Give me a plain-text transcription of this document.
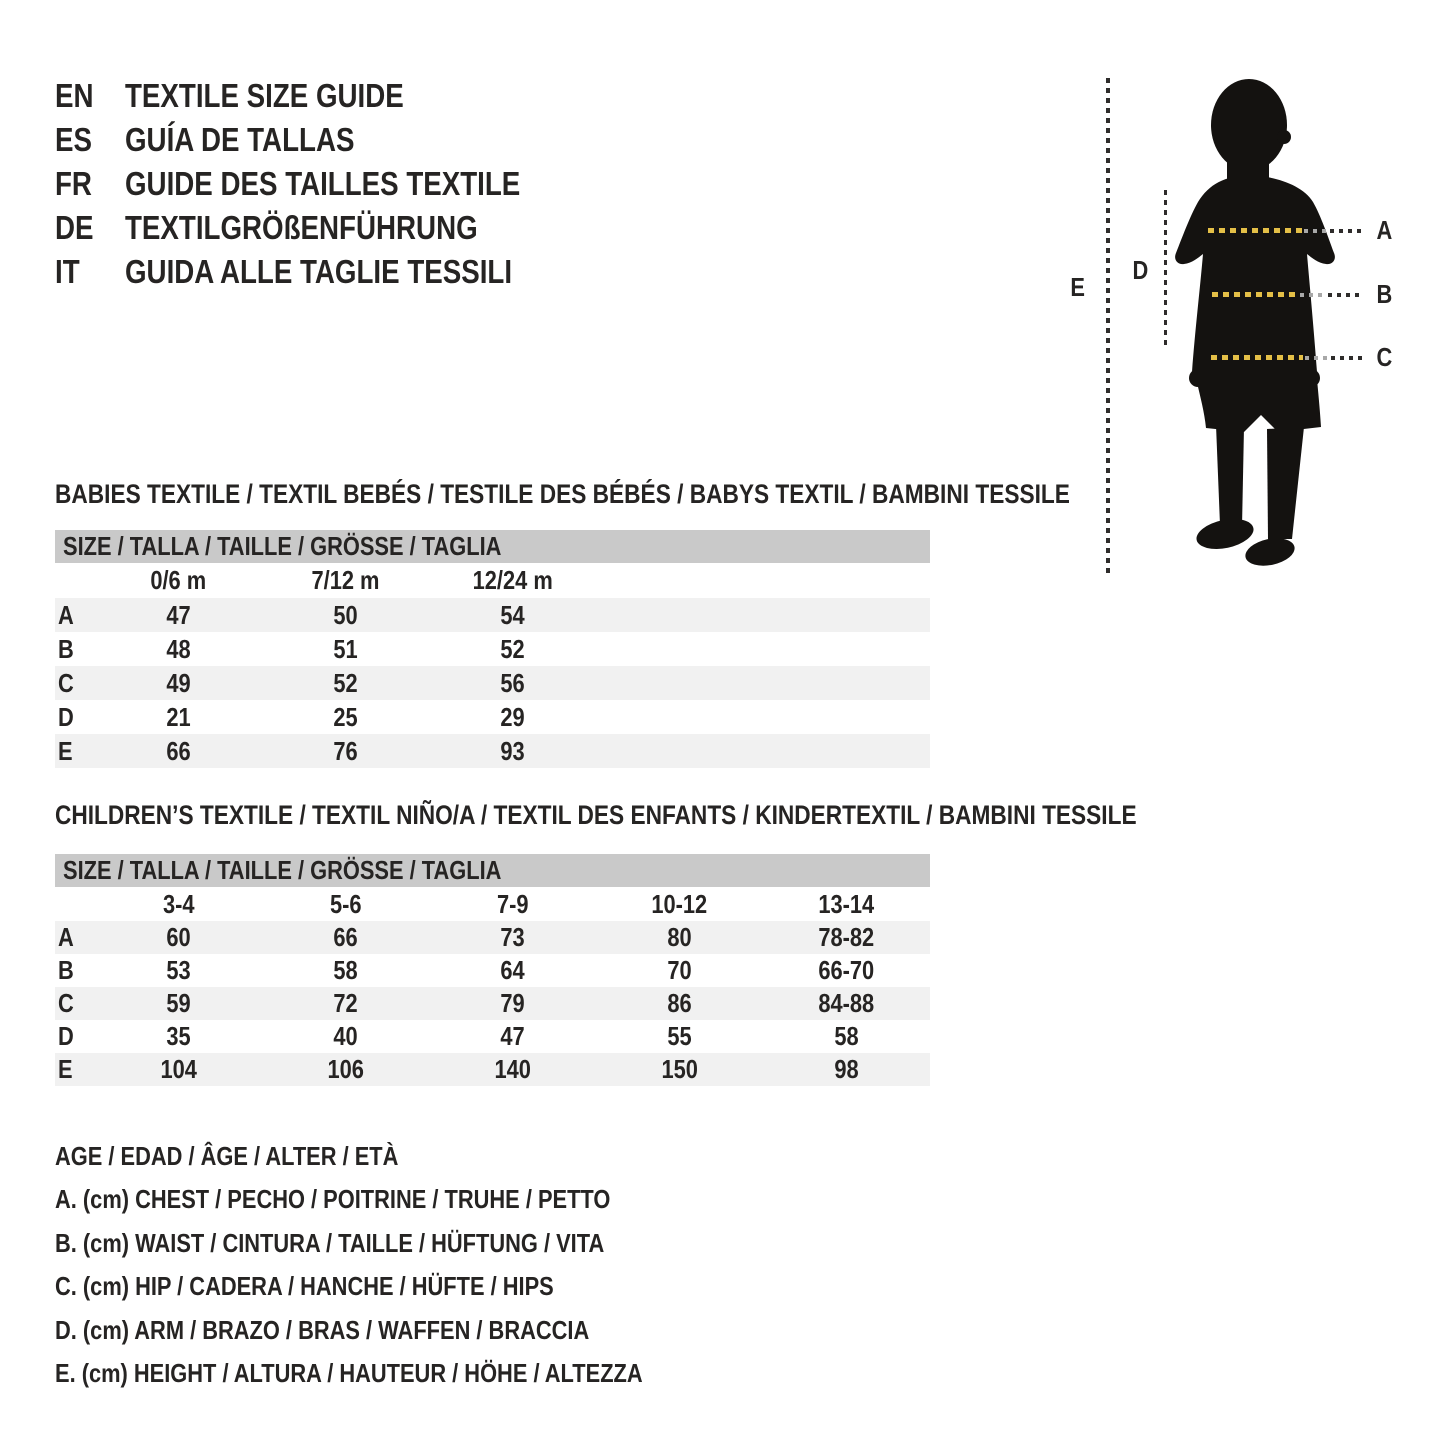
EN TEXTILE SIZE GUIDE
ES GUÍA DE TALLAS
FR GUIDE DES TAILLES TEXTILE
DE TEXTILGRÖßENFÜHRUNG
IT GUIDA ALLE TAGLIE TESSILI	E
D
A
B
C
BABIES TEXTILE / TEXTIL BEBÉS / TESTILE DES BÉBÉS / BABYS TEXTIL / BAMBINI TESSILE
SIZE / TALLA / TAILLE / GRÖSSE / TAGLIA
0/6 m	7/12 m	12/24 m
A	47	50	54
B	48	51	52
C	49	52	56
D	21	25	29
E	66	76	93
CHILDREN’S TEXTILE / TEXTIL NIÑO/A / TEXTIL DES ENFANTS / KINDERTEXTIL / BAMBINI TESSILE
SIZE / TALLA / TAILLE / GRÖSSE / TAGLIA
3-4	5-6	7-9	10-12	13-14
A	60	66	73	80	78-82
B	53	58	64	70	66-70
C	59	72	79	86	84-88
D	35	40	47	55	58
E	104	106	140	150	98
AGE / EDAD / ÂGE / ALTER / ETÀ
A. (cm) CHEST / PECHO / POITRINE / TRUHE / PETTO
B. (cm) WAIST / CINTURA / TAILLE / HÜFTUNG / VITA
C. (cm) HIP / CADERA / HANCHE / HÜFTE / HIPS
D. (cm) ARM / BRAZO / BRAS / WAFFEN / BRACCIA
E. (cm) HEIGHT / ALTURA / HAUTEUR / HÖHE / ALTEZZA
